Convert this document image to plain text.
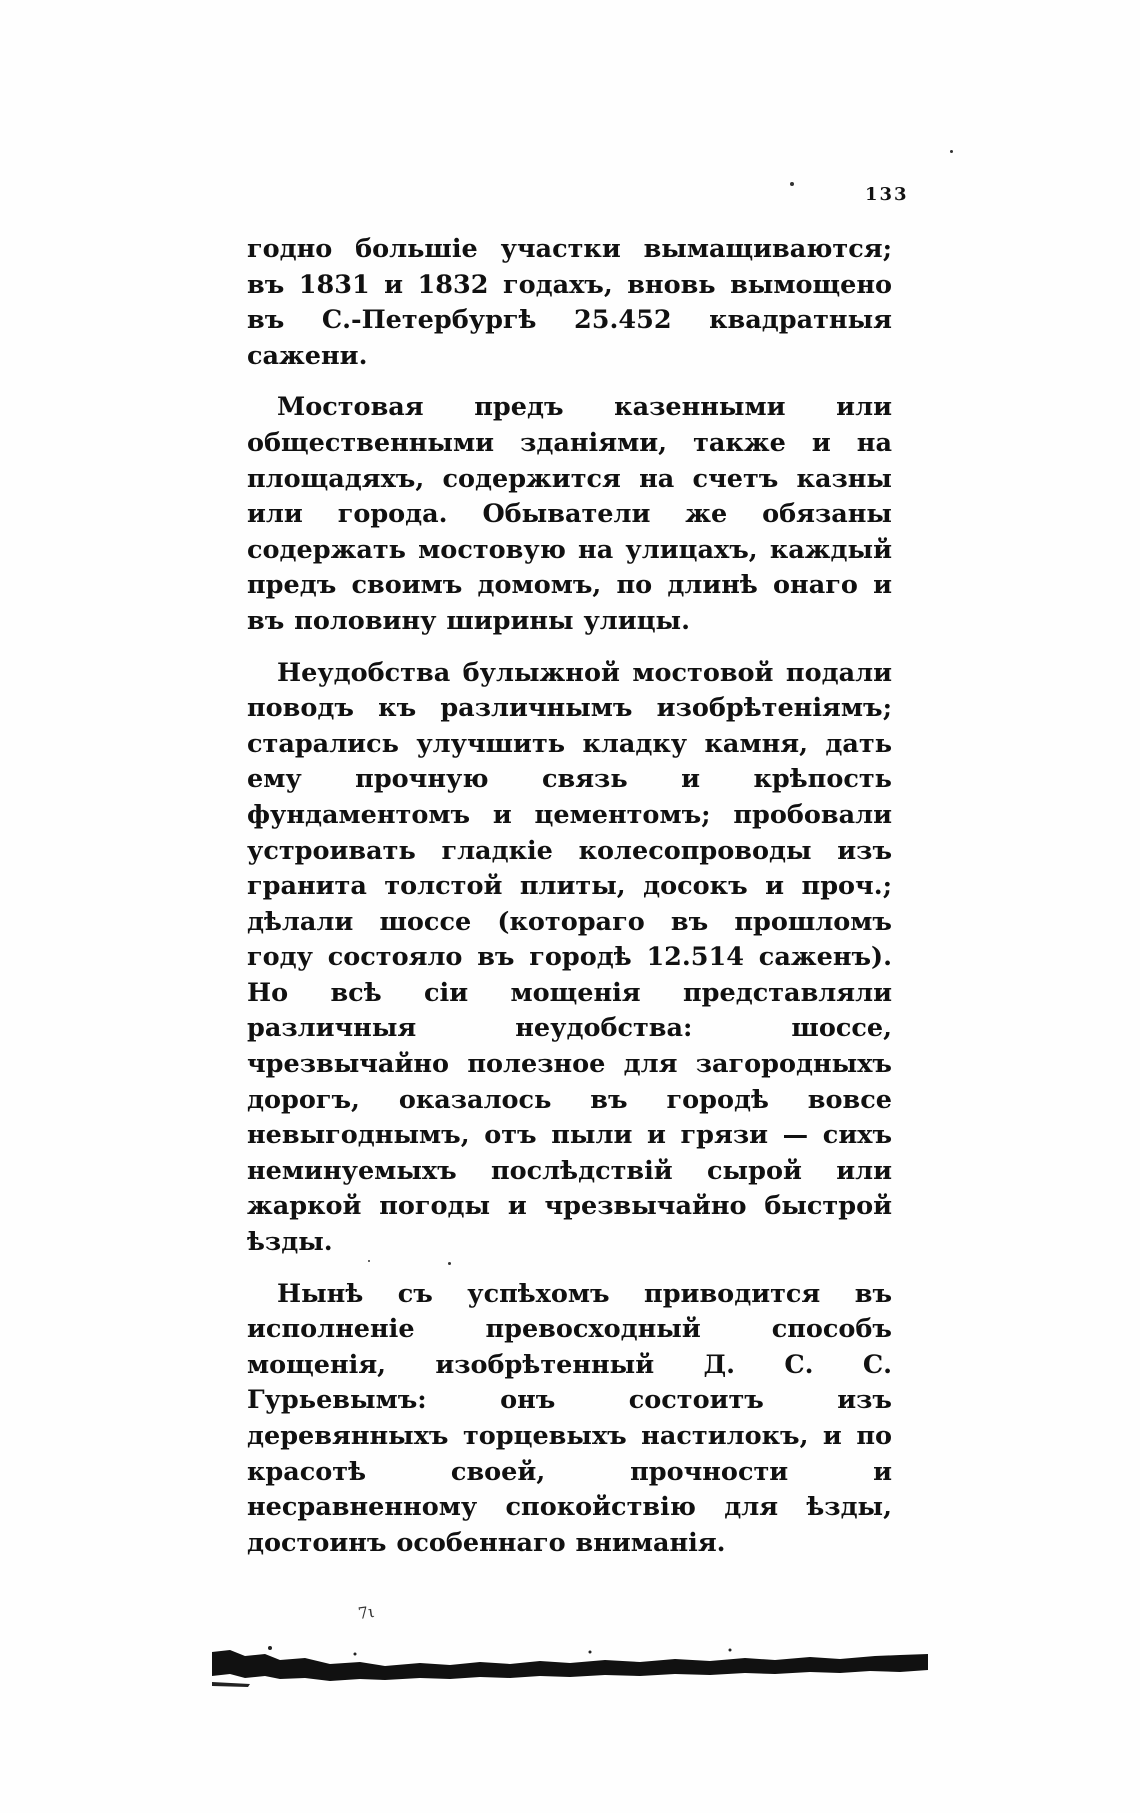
133

годно большіе участки вымащиваются; въ 1831 и 1832 годахъ, вновь вымощено въ С.-Петербургѣ 25.452 квадратныя сажени.

Мостовая предъ казенными или общественными зданіями, также и на площадяхъ, содержится на счетъ казны или города. Обыватели же обязаны содержать мостовую на улицахъ, каждый предъ своимъ домомъ, по длинѣ онаго и въ половину ширины улицы.

Неудобства булыжной мостовой подали поводъ къ различнымъ изобрѣтеніямъ; старались улучшить кладку камня, дать ему прочную связь и крѣпость фундаментомъ и цементомъ; пробовали устроивать гладкіе колесопроводы изъ гранита толстой плиты, досокъ и проч.; дѣлали шоссе (котораго въ прошломъ году состояло въ городѣ 12.514 саженъ). Но всѣ сіи мощенія представляли различныя неудобства: шоссе, чрезвычайно полезное для загородныхъ дорогъ, оказалось въ городѣ вовсе невыгоднымъ, отъ пыли и грязи — сихъ неминуемыхъ послѣдствій сырой или жаркой погоды и чрезвычайно быстрой ѣзды.

Нынѣ съ успѣхомъ приводится въ исполненіе превосходный способъ мощенія, изобрѣтенный Д. С. С. Гурьевымъ: онъ состоитъ изъ деревянныхъ торцевыхъ настилокъ, и по красотѣ своей, прочности и несравненному спокойствію для ѣзды, достоинъ особеннаго вниманія.

7ι
